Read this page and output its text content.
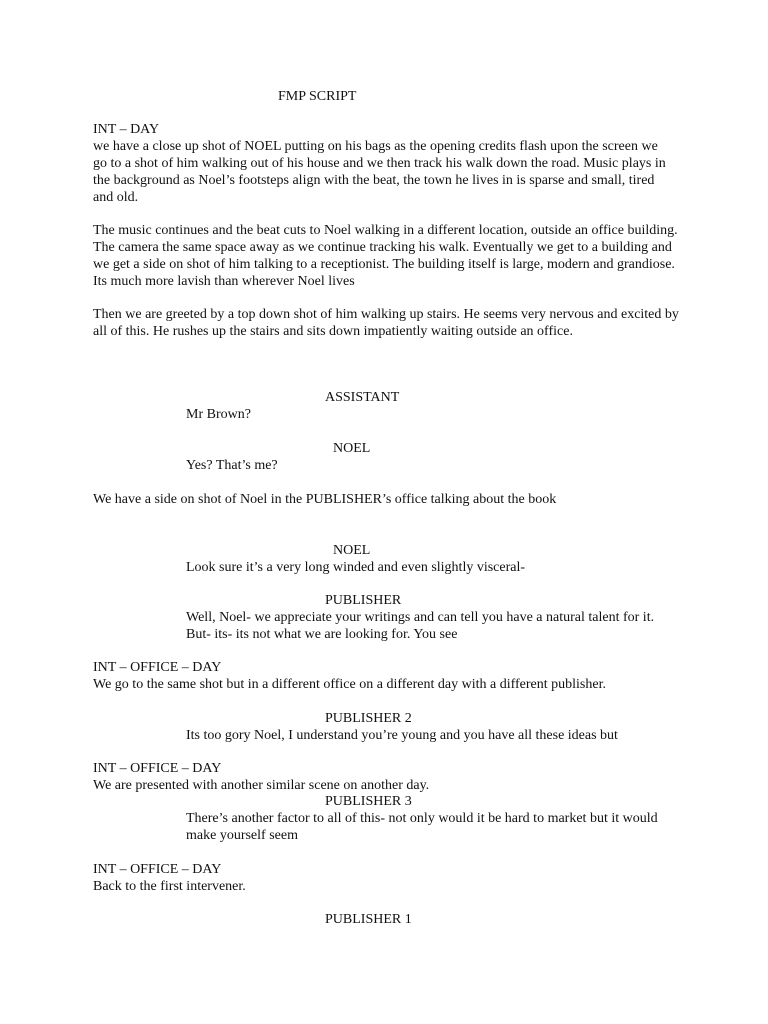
FMP SCRIPT
INT – DAY
we have a close up shot of NOEL putting on his bags as the opening credits flash upon the screen we go to a shot of him walking out of his house and we then track his walk down the road. Music plays in the background as Noel’s footsteps align with the beat, the town he lives in is sparse and small, tired and old.
The music continues and the beat cuts to Noel walking in a different location, outside an office building. The camera the same space away as we continue tracking his walk. Eventually we get to a building and we get a side on shot of him talking to a receptionist. The building itself is large, modern and grandiose. Its much more lavish than wherever Noel lives
Then we are greeted by a top down shot of him walking up stairs. He seems very nervous and excited by all of this. He rushes up the stairs and sits down impatiently waiting outside an office.
ASSISTANT
Mr Brown?
NOEL
Yes? That’s me?
We have a side on shot of Noel in the PUBLISHER’s office talking about the book
NOEL
Look sure it’s a very long winded and even slightly visceral-
PUBLISHER
Well, Noel- we appreciate your writings and can tell you have a natural talent for it. But- its- its not what we are looking for. You see
INT – OFFICE – DAY
We go to the same shot but in a different office on a different day with a different publisher.
PUBLISHER 2
Its too gory Noel, I understand you’re young and you have all these ideas but
INT – OFFICE – DAY
We are presented with another similar scene on another day.
PUBLISHER 3
There’s another factor to all of this- not only would it be hard to market but it would make yourself seem
INT – OFFICE – DAY
Back to the first intervener.
PUBLISHER 1
